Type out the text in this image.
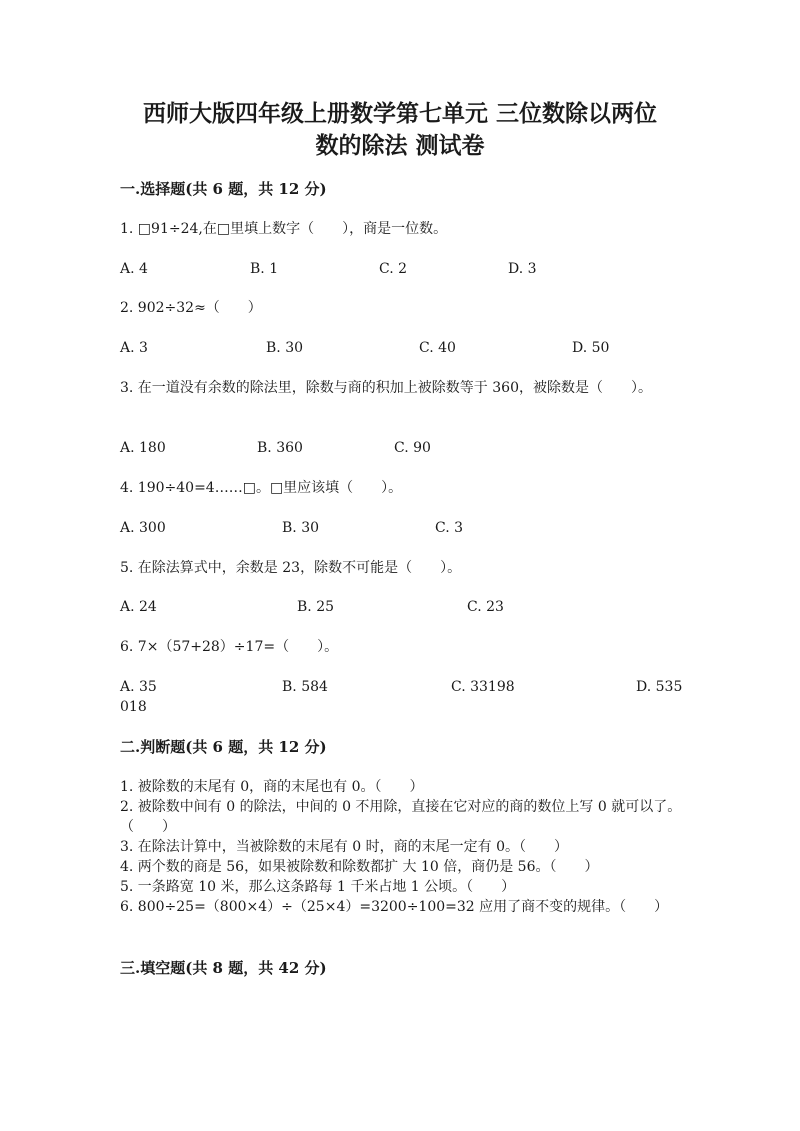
西师大版四年级上册数学第七单元 三位数除以两位
数的除法 测试卷
一.选择题(共 6 题，共 12 分)
1. □91÷24,在□里填上数字（　　），商是一位数。
A. 4	B. 1	C. 2	D. 3
2. 902÷32≈（　　）
A. 3	B. 30	C. 40	D. 50
3. 在一道没有余数的除法里，除数与商的积加上被除数等于 360，被除数是（　　）。
A. 180	B. 360	C. 90
4. 190÷40=4……□。□里应该填（　　）。
A. 300	B. 30	C. 3
5. 在除法算式中，余数是 23，除数不可能是（　　）。
A. 24	B. 25	C. 23
6. 7×（57+28）÷17=（　　）。
A. 35	B. 584	C. 33198	D. 535
018
二.判断题(共 6 题，共 12 分)
1. 被除数的末尾有 0，商的末尾也有 0。（　　）
2. 被除数中间有 0 的除法，中间的 0 不用除，直接在它对应的商的数位上写 0 就可以了。（　　）
3. 在除法计算中，当被除数的末尾有 0 时，商的末尾一定有 0。（　　）
4. 两个数的商是 56，如果被除数和除数都扩 大 10 倍，商仍是 56。（　　）
5. 一条路宽 10 米，那么这条路每 1 千米占地 1 公顷。（　　）
6. 800÷25=（800×4）÷（25×4）=3200÷100=32 应用了商不变的规律。（　　）
三.填空题(共 8 题，共 42 分)
